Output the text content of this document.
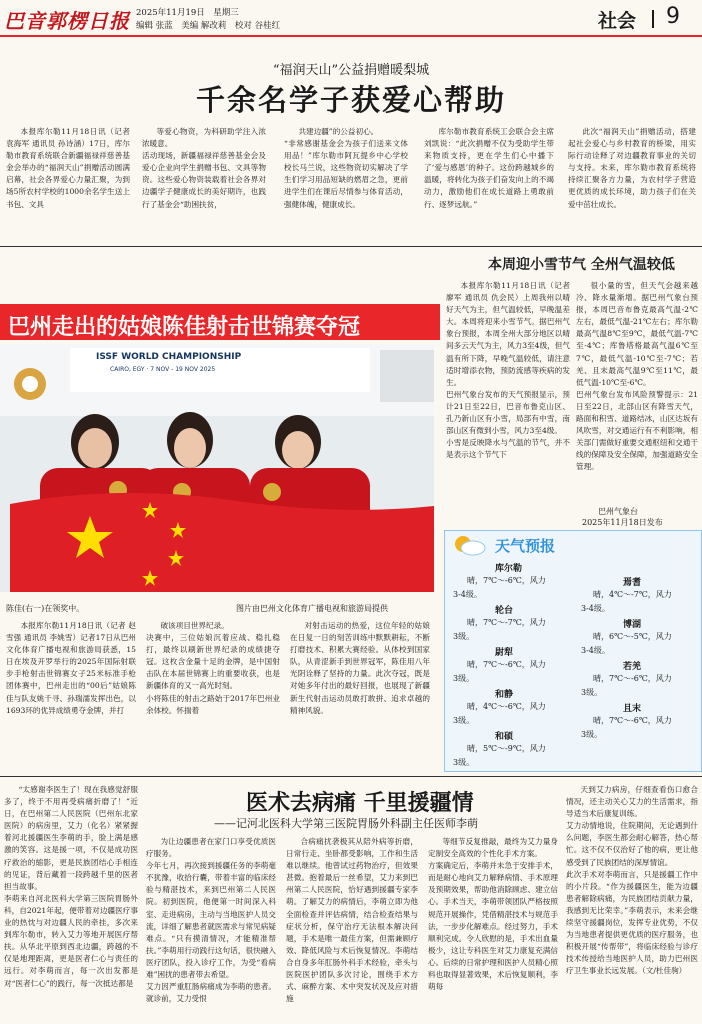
巴音郭楞日报 2025年11月19日　星期三
编辑 张蓝　美编 解改莉　校对 谷桂红	社会 9
“福润天山”公益捐赠暖梨城
千余名学子获爱心帮助

本报库尔勒11月18日讯（记者 袁海军 通讯员 孙诗涵）17日，库尔勒市教育系统联合新疆福禄祥慈善基金会举办的“福润天山”捐赠活动圆满启幕，社会各界爱心力量汇聚，为到场5所农村学校的1000余名学生送上书包、文具

等爱心物资，为科研助学注入浓浓暖意。
活动现场，新疆福禄祥慈善基金会及爱心企业向学生捐赠书包、文具等物资。这些爱心物资装载着社会各界对边疆学子健康成长的美好期许，也践行了基金会“助困扶贫，

共建边疆”的公益初心。
“非常感谢基金会为孩子们送来文体用品！”库尔勒市阿瓦提乡中心学校校长马兰说，这些物资切实解决了学生们学习用品短缺的燃眉之急，更前进学生们在课后尽情参与体育活动，强健体魄，健康成长。

库尔勒市教育系统工会联合会主席刘凯说：“此次捐赠不仅为受助学生带来物质支持，更在学生们心中播下了‘爱与感恩’的种子。这份跨越城乡的温暖，将转化为孩子们奋发向上的不竭动力，激励他们在成长道路上勇敢前行、逐梦远航。”

此次“福润天山”捐赠活动，搭建起社会爱心与乡村教育的桥梁，用实际行动诠释了对边疆教育事业的关切与支持。未来，库尔勒市教育系统将持续汇聚各方力量，为农村学子营造更优质的成长环境，助力孩子们在关爱中茁壮成长。

巴州走出的姑娘陈佳射击世锦赛夺冠
ISSF WORLD CHAMPIONSHIP
CAIRO, EGY · 7 NOV - 19 NOV 2025
陈佳(右一)在领奖中。	图片由巴州文化体育广播电视和旅游局提供

本报库尔勒11月18日讯（记者 赵雪强 通讯员 李姚雪）记者17日从巴州文化体育广播电视和旅游局获悉，15日在埃及开罗举行的2025年国际射联步手枪射击世锦赛女子25米标准手枪团体赛中，巴州走出的“00后”姑娘陈佳与队友姚千寻、孙瑞濡发挥出色，以1693环的优异成绩勇夺金牌，并打

破该项目世界纪录。
决赛中，三位姑娘沉着应战、稳扎稳打，最终以刷新世界纪录的成绩捷夺冠。这枚含金量十足的金牌，是中国射击队在本届世锦赛上的重要收获，也是新疆体育的又一高光时刻。
小将陈佳的射击之路始于2017年巴州业余体校。怀揣着

对射击运动的热爱，这位年轻的姑娘在日复一日的刻苦训练中默默耕耘，不断打磨技术、积累大赛经验。从体校到国家队，从青涩新手到世界冠军，陈佳用八年光阴诠释了坚持的力量。此次夺冠，既是对她多年付出的最好回报，也展现了新疆新生代射击运动员敢打敢拼、追求卓越的精神风貌。

本周迎小雪节气 全州气温较低

本报库尔勒11月18日讯（记者 廖军 通讯员 仇会民）上周我州以晴好天气为主，但气温较低，早晚温差大。本周将迎来小雪节气。据巴州气象台预报，本周全州大部分地区以晴间多云天气为主，风力3至4级，但气温有所下降，早晚气温较低，请注意适时增添衣物，预防流感等疾病的发生。
巴州气象台发布的天气预报显示，预计21日至22日，巴音布鲁克山区、孔乃新山区有小雪，局部有中雪，南部山区有微到小雪，风力3至4级。
小雪是反映降水与气温的节气，并不是表示这个节气下

很小量的雪，但天气会越来越冷、降水量渐增。据巴州气象台预报，本周巴音布鲁克最高气温-2℃左右，最低气温-21℃左右；库尔勒最高气温8℃至9℃，最低气温-7℃至-4℃；库鲁塔格最高气温6℃至7℃，最低气温-10℃至-7℃；若羌、且末最高气温9℃至11℃，最低气温-10℃至-6℃。
巴州气象台发布风险预警提示：21日至22日，北部山区有降雪天气，路面和积雪、道路结冰，山区达坂有风吹雪，对交通运行有不利影响，相关部门需做好重要交通枢纽和交通干线的保障及安全保障，加强道路安全管理。

巴州气象台
2025年11月18日发布
天气预报
库尔勒
晴，7℃～-6℃，风力
3-4级。
焉耆
晴，4℃～-7℃，风力
3-4级。
轮台
晴，7℃～-7℃，风力
3级。
博湖
晴，6℃～-5℃，风力
3-4级。
尉犁
晴，7℃～-6℃，风力
3级。
若羌
晴，7℃～-6℃，风力
3级。
和静
晴，4℃～-6℃，风力
3级。
且末
晴，7℃～-6℃，风力
3级。
和硕
晴，5℃～-9℃，风力
3级。
医术去病痛 千里援疆情
——记河北医科大学第三医院胃肠外科副主任医师李萌

“太感谢李医生了！现在我感觉舒服多了，终于不用再受病痛折磨了！”近日，在巴州第二人民医院（巴州东北家医院）的病房里，艾力（化名）紧紧握着河北援疆医生李萌的手，脸上满是感激的笑容。这是援一项，不仅是成功医疗救治的缩影，更是民族团结心手相连的见证，背后藏着一段跨越千里的医者担当故事。
李萌来自河北医科大学第三医院胃肠外科，自2021年起，便带着对边疆医疗事业的热忱与对边疆人民的牵挂，多次来到库尔勒市，转入艾力等地开展医疗帮扶。从华北平原到西北边疆，跨越的不仅是地理距离，更是医者仁心与责任的远行。对李萌而言，每一次出发都是对“医者仁心”的践行，每一次抵达都是

为让边疆患者在家门口享受优质医疗服务。
今年七月，再次接到援疆任务的李萌毫不犹豫，收拾行囊，带着丰富的临床经验与精湛技术，来到巴州第二人民医院。初到医院，他便第一时间深入科室、走进病房，主动与当地医护人员交流，详细了解患者就医需求与常见病疑难点。“只有摸清情况，才能精准帮扶。”李萌用行动践行这句话，很快融入医疗团队，投入诊疗工作，为受“看病难”困扰的患者带去希望。
艾力因严重肛肠病痛成为李萌的患者。就诊前，艾力受恨

合病痛扰袭极其从陪外病等折磨，日常行走、坐卧都受影响，工作和生活难以继续。他曾试过药物治疗，但效果甚微。抱着最后一丝希望，艾力来到巴州第二人民医院，恰好遇到援疆专家李萌。了解艾力的病情后，李萌立即为他全面检查并评估病情，结合检查结果与症状分析，保守治疗无法根本解决问题，手术是唯一最佳方案，但需兼顾疗效、降低风险与术后恢复情况。李萌结合自身多年肛肠外科手术经验，牵头与医院医护团队多次讨论，围绕手术方式、麻醉方案、术中突发状况及应对措施

等细节反复推敲，最终为艾力量身定制安全高效的个性化手术方案。
方案确定后，李萌并未急于安排手术，而是耐心地向艾力解释病情、手术原理及预期效果，帮助他消除顾虑、建立信心。手术当天，李萌带领团队严格按照规范开展操作，凭借精湛技术与规范手法，一步步化解难点。经过努力，手术顺利完成。令人欣慰的是，手术出血量极少，这让专科医生对艾力康复充满信心。后续的日常护理和医护人员精心照料也取得显著效果，术后恢复顺利，李萌每

天到艾力病房，仔细查看伤口愈合情况，还主动关心艾力的生活需求，指导适当术后康复训练。
艾力动情地说，住院期间，无论遇到什么问题，李医生都会耐心解答，热心帮忙。这不仅不仅治好了他的病，更让他感受到了民族团结的深厚情谊。
此次手术对李萌而言，只是援疆工作中的小片段。“作为援疆医生，能为边疆患者解除病痛，为民族团结贡献力量，我感到无比荣幸。”李萌表示，未来会继续坚守援疆岗位，发挥专业优势，不仅为当地患者提供更优质的医疗服务，也积极开展“传帮带”，将临床经验与诊疗技术传授给当地医护人员，助力巴州医疗卫生事业长远发展。（文/杜佳驹）
